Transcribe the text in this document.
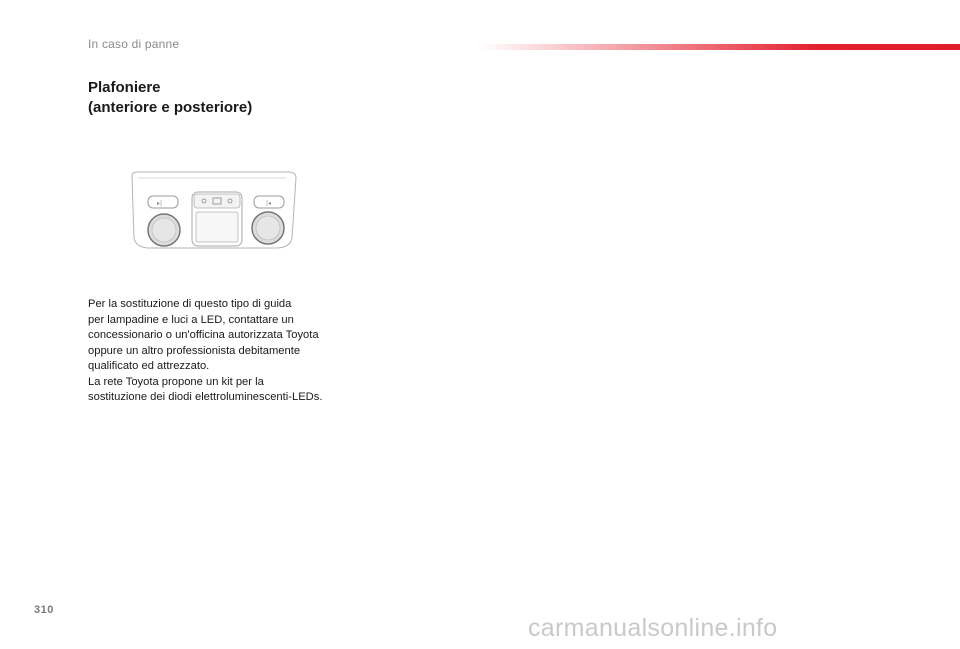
In caso di panne
Plafoniere
(anteriore e posteriore)
▸|	|◂
Per la sostituzione di questo tipo di guida
per lampadine e luci a LED, contattare un
concessionario o un'officina autorizzata Toyota
oppure un altro professionista debitamente
qualificato ed attrezzato.
La rete Toyota propone un kit per la
sostituzione dei diodi elettroluminescenti-LEDs.
310
carmanualsonline.info
